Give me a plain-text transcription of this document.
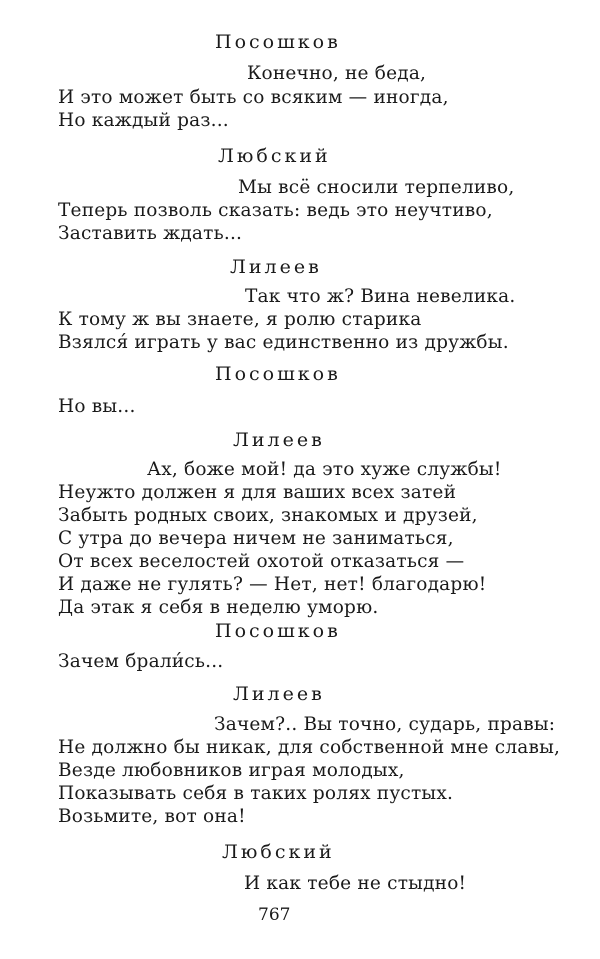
Посошков
Конечно, не беда,
И это может быть со всяким — иногда,
Но каждый раз...
Любский
Мы всё сносили терпеливо,
Теперь позволь сказать: ведь это неучтиво,
Заставить ждать...
Лилеев
Так что ж? Вина невелика.
К тому ж вы знаете, я ролю старика
Взялся́ играть у вас единственно из дружбы.
Посошков
Но вы...
Лилеев
Ах, боже мой! да это хуже службы!
Неужто должен я для ваших всех затей
Забыть родных своих, знакомых и друзей,
С утра до вечера ничем не заниматься,
От всех веселостей охотой отказаться —
И даже не гулять? — Нет, нет! благодарю!
Да этак я себя в неделю уморю.
Посошков
Зачем брали́сь...
Лилеев
Зачем?.. Вы точно, сударь, правы:
Не должно бы никак, для собственной мне славы,
Везде любовников играя молодых,
Показывать себя в таких ролях пустых.
Возьмите, вот она!
Любский
И как тебе не стыдно!
767
